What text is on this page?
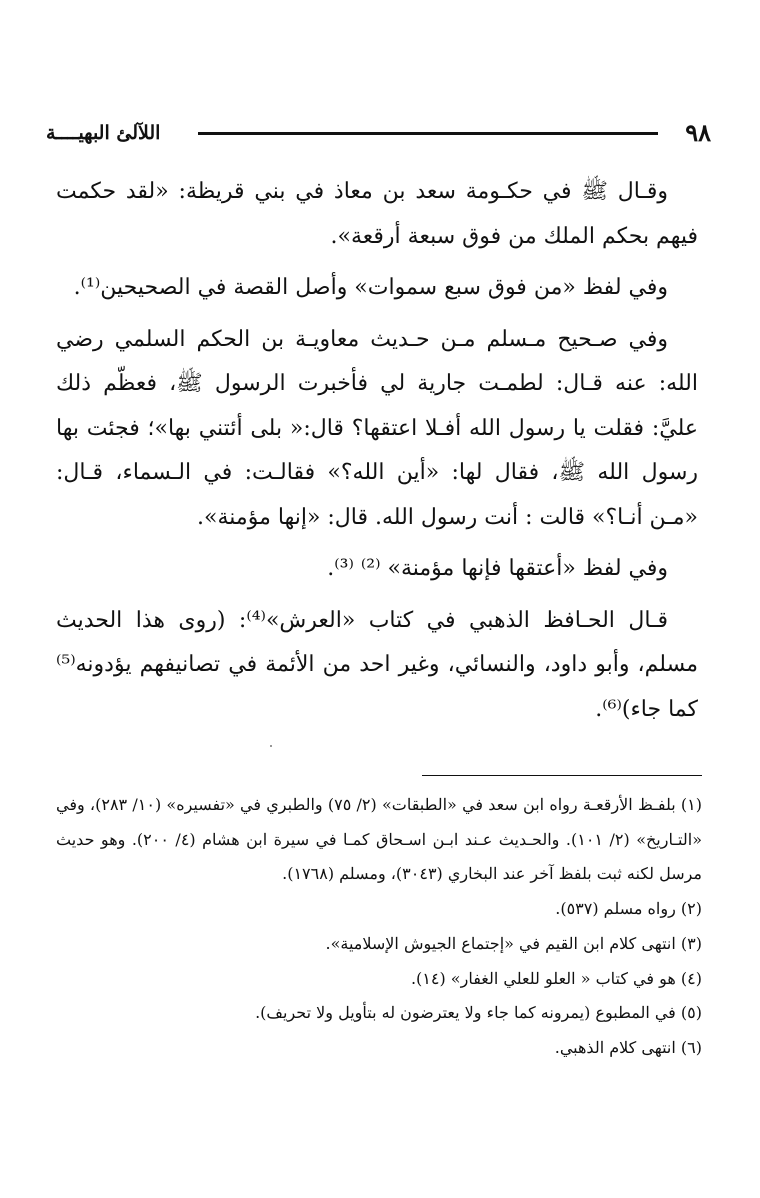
٩٨
اللآلئ البهيــــة

وقـال ﷺ في حكـومة سعد بن معاذ في بني قريظة: «لقد حكمت فيهم بحكم الملك من فوق سبعة أرقعة».

وفي لفظ «من فوق سبع سموات» وأصل القصة في الصحيحين⁽¹⁾.

وفي صـحيح مـسلم مـن حـديث معاويـة بن الحكم السلمي رضي الله: عنه قـال: لطمـت جارية لي فأخبرت الرسول ﷺ، فعظّم ذلك عليَّ: فقلت يا رسول الله أفـلا اعتقها؟ قال:« بلى أئتني بها»؛ فجئت بها رسول الله ﷺ، فقال لها: «أين الله؟» فقالـت: في الـسماء، قـال: «مـن أنـا؟» قالت : أنت رسول الله. قال: «إنها مؤمنة».

وفي لفظ «أعتقها فإنها مؤمنة» ⁽²⁾ ⁽³⁾.

قـال الحـافظ الذهبي في كتاب «العرش»⁽⁴⁾: (روى هذا الحديث مسلم، وأبو داود، والنسائي، وغير احد من الأئمة في تصانيفهم يؤدونه⁽⁵⁾ كما جاء)⁽⁶⁾.

(١) بلفـظ الأرقعـة رواه ابن سعد في «الطبقات» (٢/ ٧٥) والطبري في «تفسيره» (١٠/ ٢٨٣)، وفي «التـاريخ» (٢/ ١٠١). والحـديث عـند ابـن اسـحاق كمـا في سيرة ابن هشام (٤/ ٢٠٠). وهو حديث مرسل لكنه ثبت بلفظ آخر عند البخاري (٣٠٤٣)، ومسلم (١٧٦٨).

(٢) رواه مسلم (٥٣٧).

(٣) انتهى كلام ابن القيم في «إجتماع الجيوش الإسلامية».

(٤) هو في كتاب « العلو للعلي الغفار» (١٤).

(٥) في المطبوع (يمرونه كما جاء ولا يعترضون له بتأويل ولا تحريف).

(٦) انتهى كلام الذهبي.
